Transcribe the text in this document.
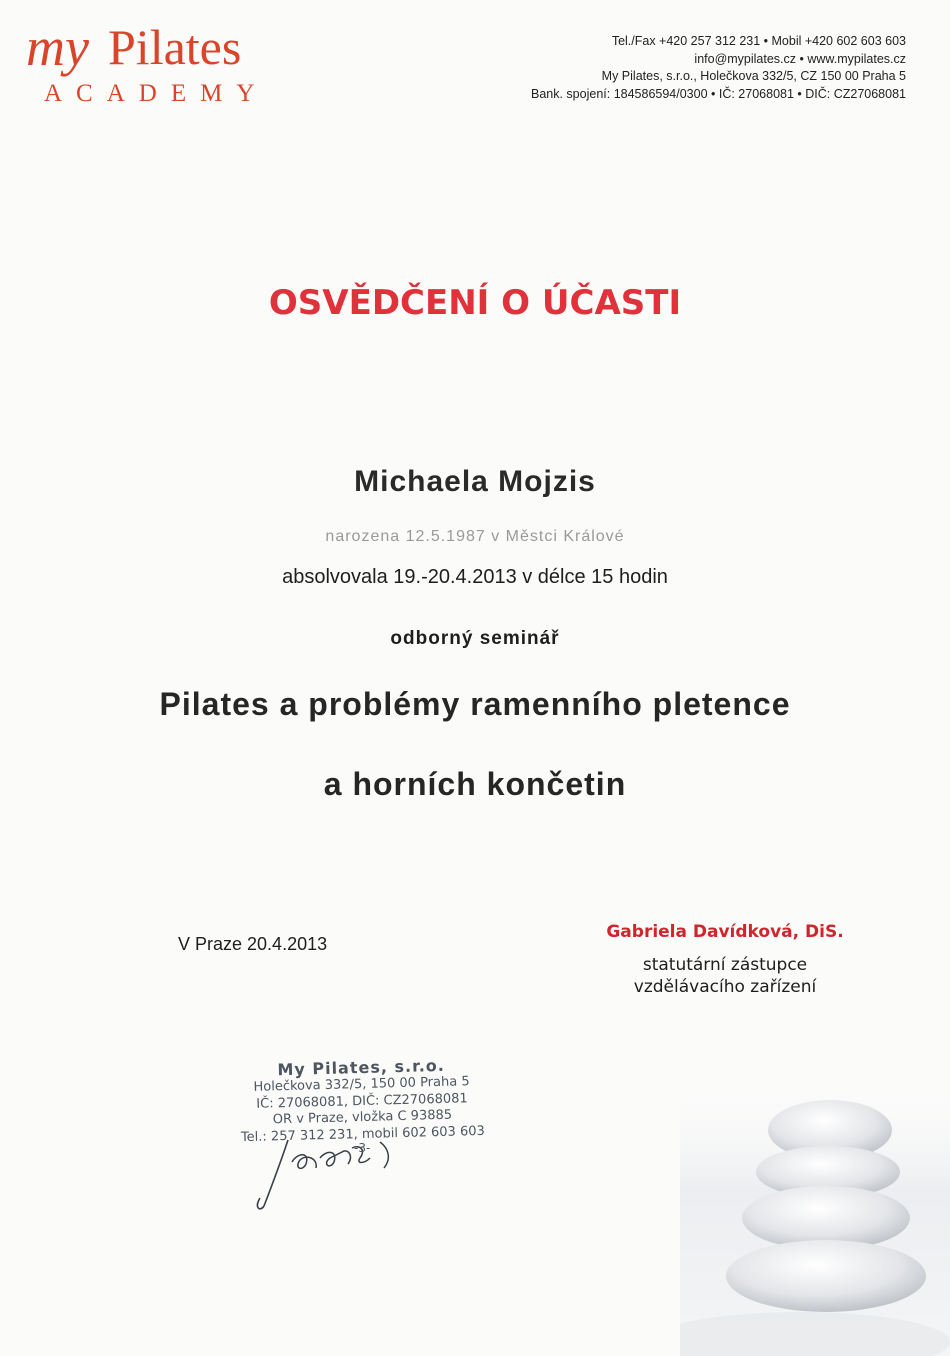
my Pilates
ACADEMY
Tel./Fax +420 257 312 231 • Mobil +420 602 603 603
info@mypilates.cz • www.mypilates.cz
My Pilates, s.r.o., Holečkova 332/5, CZ 150 00 Praha 5
Bank. spojení: 184586594/0300 • IČ: 27068081 • DIČ: CZ27068081
OSVĚDČENÍ O ÚČASTI
Michaela Mojzis
narozena 12.5.1987 v Městci Králové
absolvovala 19.-20.4.2013 v délce 15 hodin
odborný seminář
Pilates a problémy ramenního pletence
a horních končetin
V Praze 20.4.2013
Gabriela Davídková, DiS.
statutární zástupce
vzdělávacího zařízení
My Pilates, s.r.o.
Holečkova 332/5, 150 00 Praha 5
IČ: 27068081, DIČ: CZ27068081
OR v Praze, vložka C 93885
Tel.: 257 312 231, mobil 602 603 603
-3-
